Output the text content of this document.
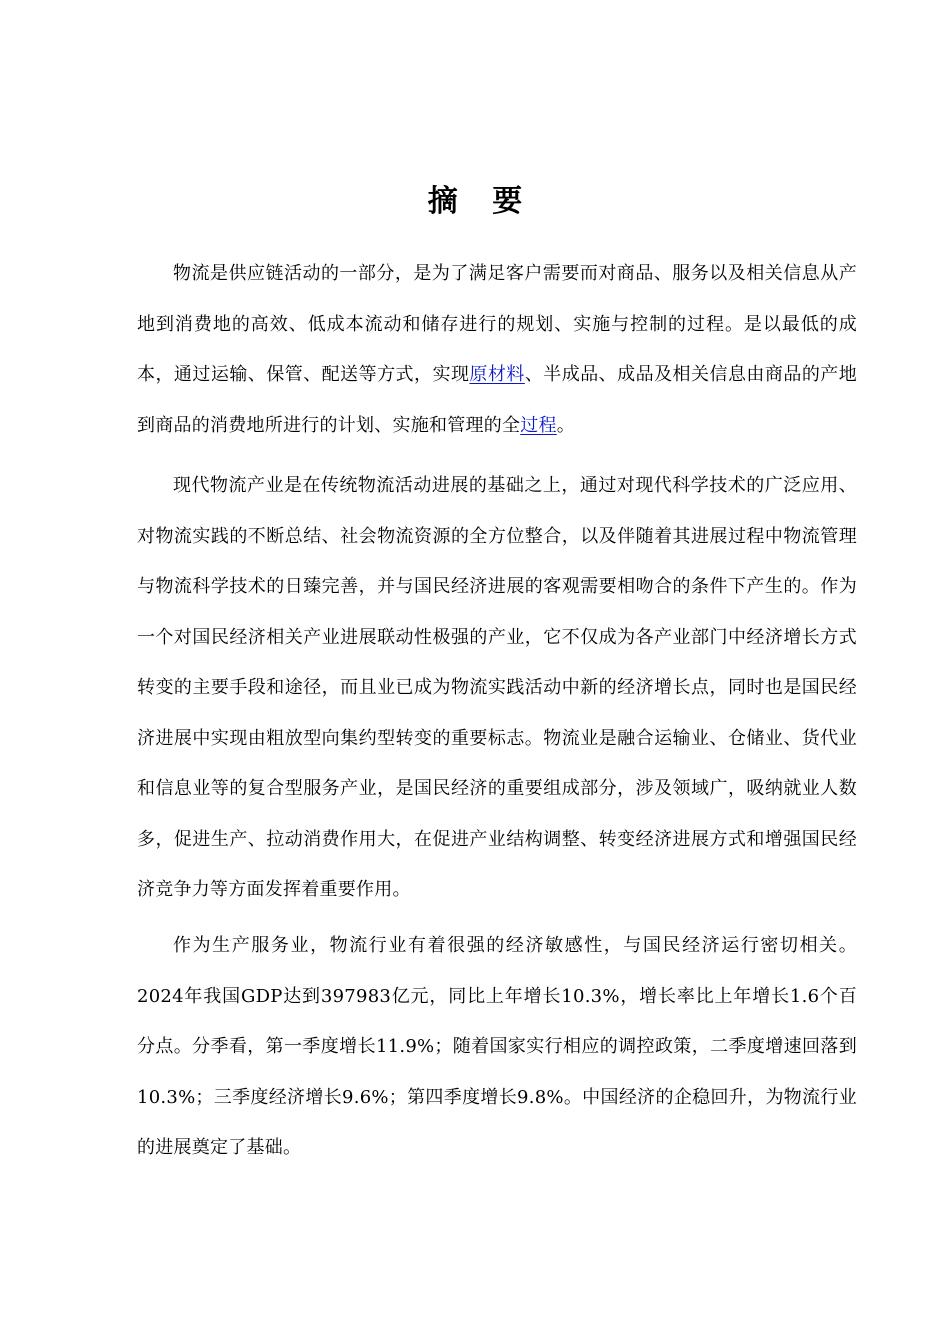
摘 要

物流是供应链活动的一部分，是为了满足客户需要而对商品、服务以及相关信息从产地到消费地的高效、低成本流动和储存进行的规划、实施与控制的过程。是以最低的成本，通过运输、保管、配送等方式，实现原材料、半成品、成品及相关信息由商品的产地到商品的消费地所进行的计划、实施和管理的全过程。

现代物流产业是在传统物流活动进展的基础之上，通过对现代科学技术的广泛应用、对物流实践的不断总结、社会物流资源的全方位整合，以及伴随着其进展过程中物流管理与物流科学技术的日臻完善，并与国民经济进展的客观需要相吻合的条件下产生的。作为一个对国民经济相关产业进展联动性极强的产业，它不仅成为各产业部门中经济增长方式转变的主要手段和途径，而且业已成为物流实践活动中新的经济增长点，同时也是国民经济进展中实现由粗放型向集约型转变的重要标志。物流业是融合运输业、仓储业、货代业和信息业等的复合型服务产业，是国民经济的重要组成部分，涉及领域广，吸纳就业人数多，促进生产、拉动消费作用大，在促进产业结构调整、转变经济进展方式和增强国民经济竞争力等方面发挥着重要作用。

作为生产服务业，物流行业有着很强的经济敏感性，与国民经济运行密切相关。2024年我国GDP达到397983亿元，同比上年增长10.3%，增长率比上年增长1.6个百分点。分季看，第一季度增长11.9%；随着国家实行相应的调控政策，二季度增速回落到10.3%；三季度经济增长9.6%；第四季度增长9.8%。中国经济的企稳回升，为物流行业的进展奠定了基础。
